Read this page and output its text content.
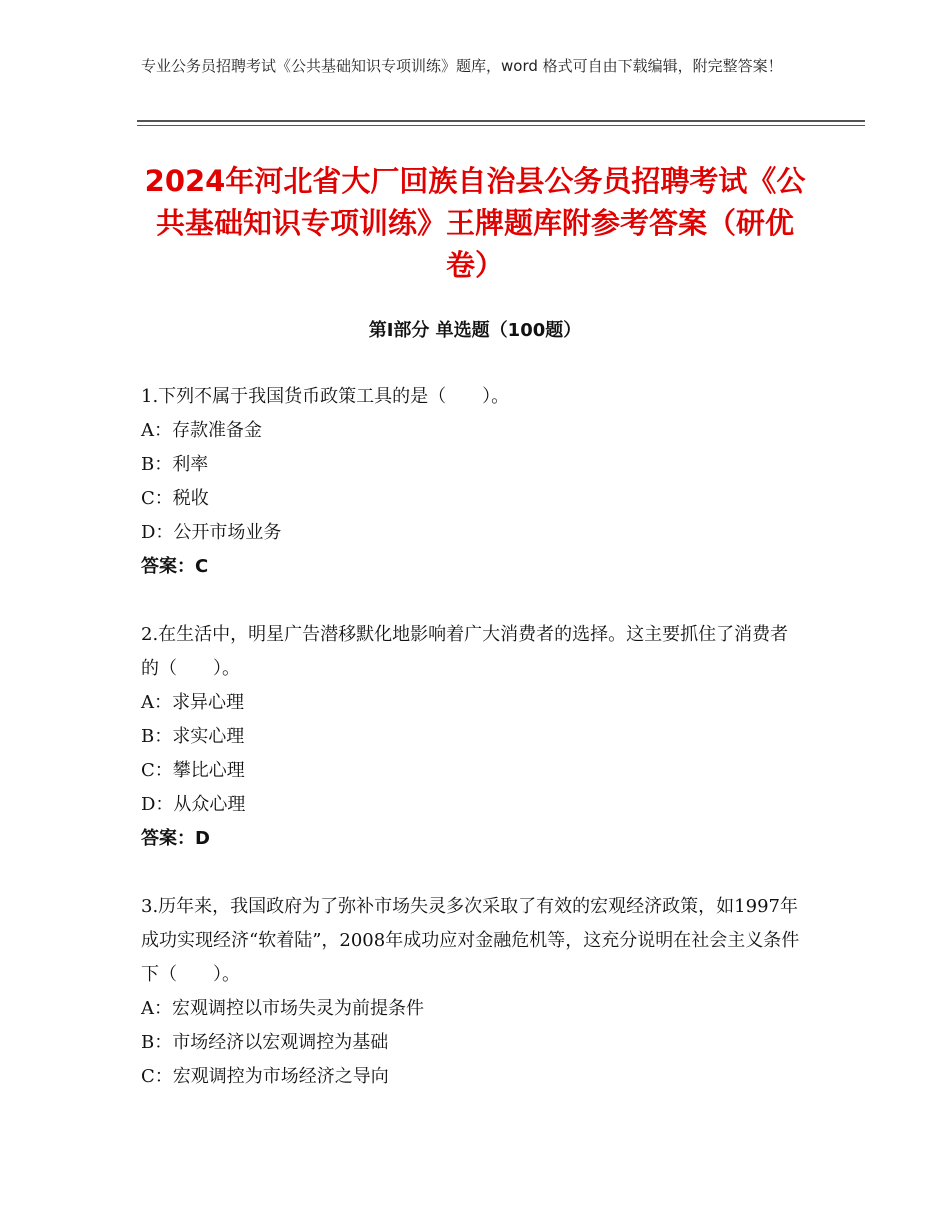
专业公务员招聘考试《公共基础知识专项训练》题库，word 格式可自由下载编辑，附完整答案！
2024年河北省大厂回族自治县公务员招聘考试《公共基础知识专项训练》王牌题库附参考答案（研优卷）
第Ⅰ部分 单选题（100题）
1.下列不属于我国货币政策工具的是（　　）。
A：存款准备金
B：利率
C：税收
D：公开市场业务
答案：C
2.在生活中，明星广告潜移默化地影响着广大消费者的选择。这主要抓住了消费者的（　　）。
A：求异心理
B：求实心理
C：攀比心理
D：从众心理
答案：D
3.历年来，我国政府为了弥补市场失灵多次采取了有效的宏观经济政策，如1997年成功实现经济“软着陆”，2008年成功应对金融危机等，这充分说明在社会主义条件下（　　）。
A：宏观调控以市场失灵为前提条件
B：市场经济以宏观调控为基础
C：宏观调控为市场经济之导向
